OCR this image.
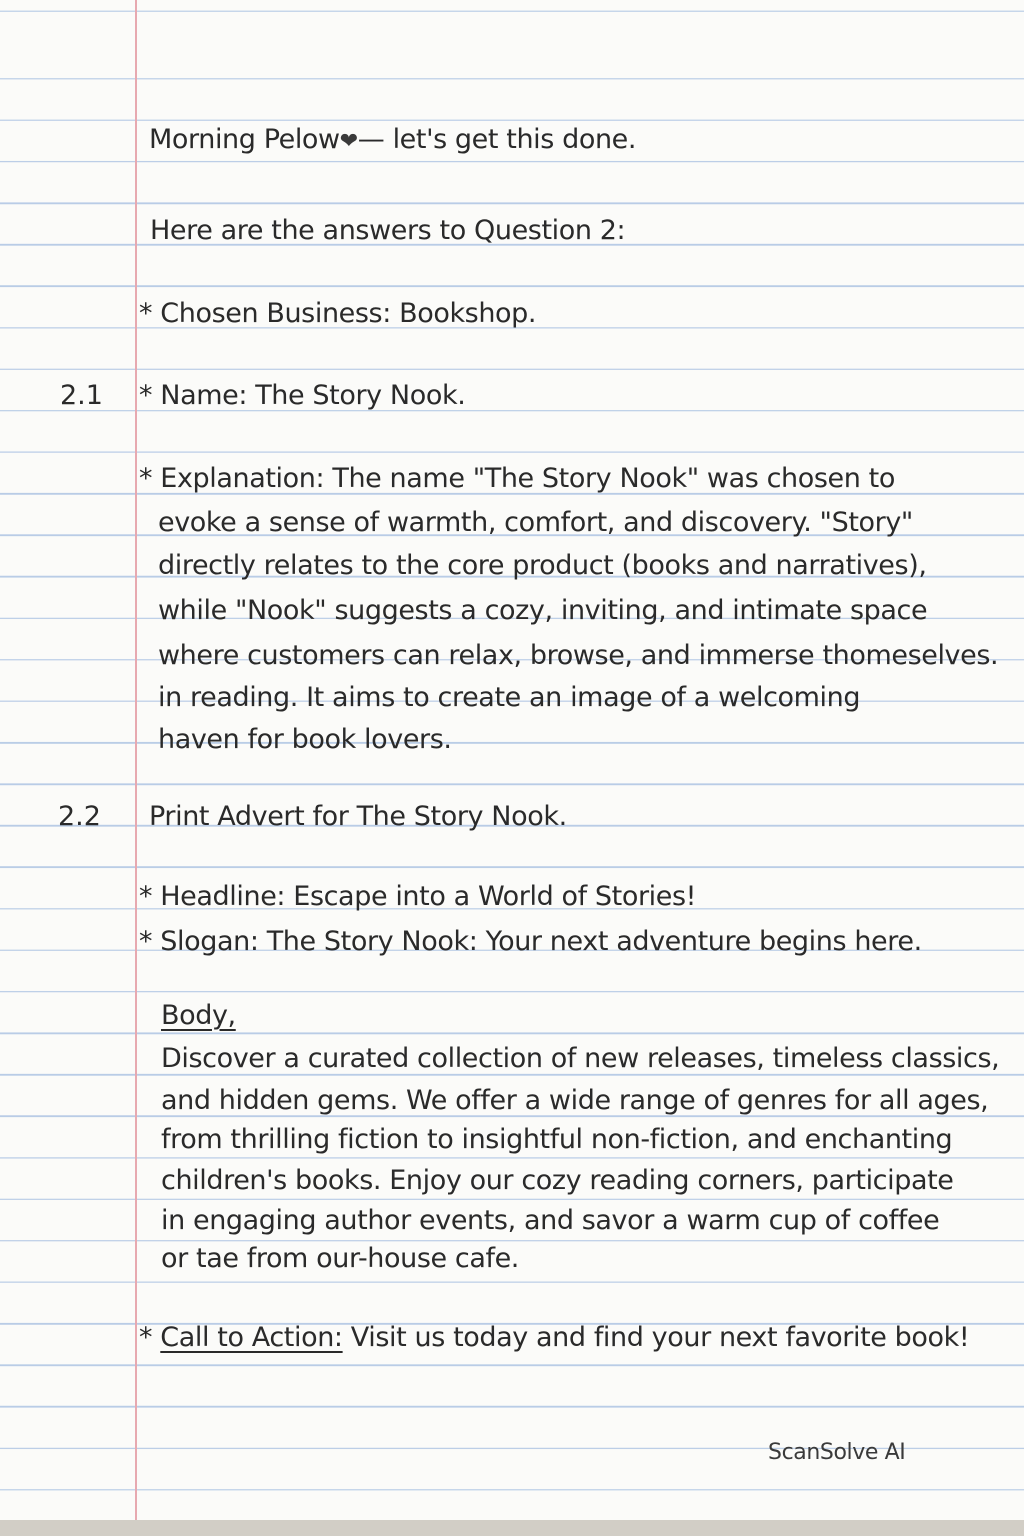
Morning Pelow❤— let's get this done.
Here are the answers to Question 2:
* Chosen Business: Bookshop.
2.1 * Name: The Story Nook.
* Explanation: The name "The Story Nook" was chosen to
evoke a sense of warmth, comfort, and discovery. "Story"
directly relates to the core product (books and narratives),
while "Nook" suggests a cozy, inviting, and intimate space
where customers can relax, browse, and immerse thomeselves.
in reading. It aims to create an image of a welcoming
haven for book lovers.
2.2 Print Advert for The Story Nook.
* Headline: Escape into a World of Stories!
* Slogan: The Story Nook: Your next adventure begins here.
Body,
Discover a curated collection of new releases, timeless classics,
and hidden gems. We offer a wide range of genres for all ages,
from thrilling fiction to insightful non-fiction, and enchanting
children's books. Enjoy our cozy reading corners, participate
in engaging author events, and savor a warm cup of coffee
or tae from our-house cafe.
* Call to Action: Visit us today and find your next favorite book!
ScanSolve AI
